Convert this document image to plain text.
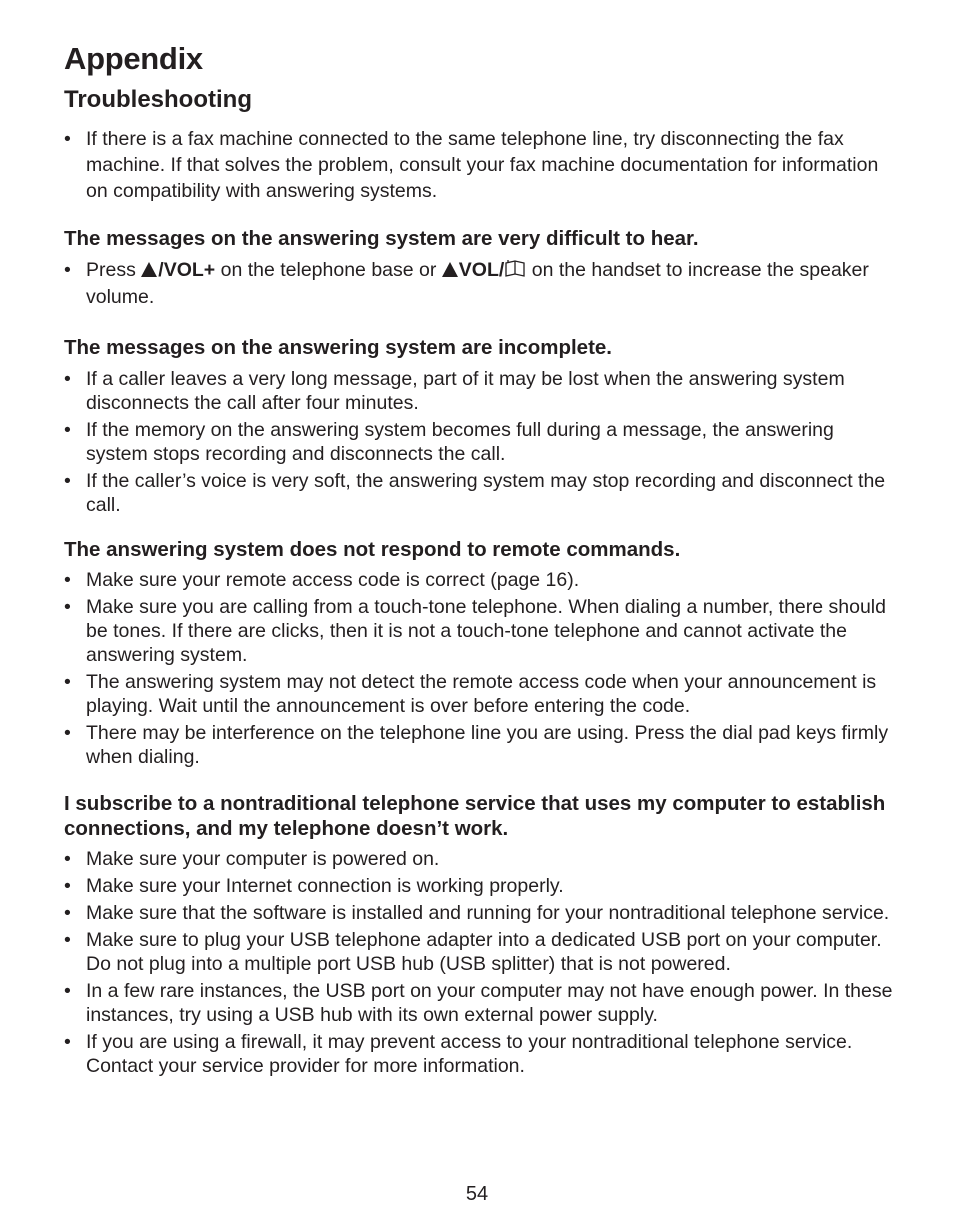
Appendix
Troubleshooting
• If there is a fax machine connected to the same telephone line, try disconnecting the fax machine. If that solves the problem, consult your fax machine documentation for information on compatibility with answering systems.
The messages on the answering system are very difficult to hear.
• Press /VOL+ on the telephone base or VOL/ on the handset to increase the speaker volume.
The messages on the answering system are incomplete.
• If a caller leaves a very long message, part of it may be lost when the answering system disconnects the call after four minutes.
• If the memory on the answering system becomes full during a message, the answering system stops recording and disconnects the call.
• If the caller’s voice is very soft, the answering system may stop recording and disconnect the call.
The answering system does not respond to remote commands.
• Make sure your remote access code is correct (page 16).
• Make sure you are calling from a touch-tone telephone. When dialing a number, there should be tones. If there are clicks, then it is not a touch-tone telephone and cannot activate the answering system.
• The answering system may not detect the remote access code when your announcement is playing. Wait until the announcement is over before entering the code.
• There may be interference on the telephone line you are using. Press the dial pad keys firmly when dialing.
I subscribe to a nontraditional telephone service that uses my computer to establish connections, and my telephone doesn’t work.
• Make sure your computer is powered on.
• Make sure your Internet connection is working properly.
• Make sure that the software is installed and running for your nontraditional telephone service.
• Make sure to plug your USB telephone adapter into a dedicated USB port on your computer. Do not plug into a multiple port USB hub (USB splitter) that is not powered.
• In a few rare instances, the USB port on your computer may not have enough power. In these instances, try using a USB hub with its own external power supply.
• If you are using a firewall, it may prevent access to your nontraditional telephone service. Contact your service provider for more information.
54
